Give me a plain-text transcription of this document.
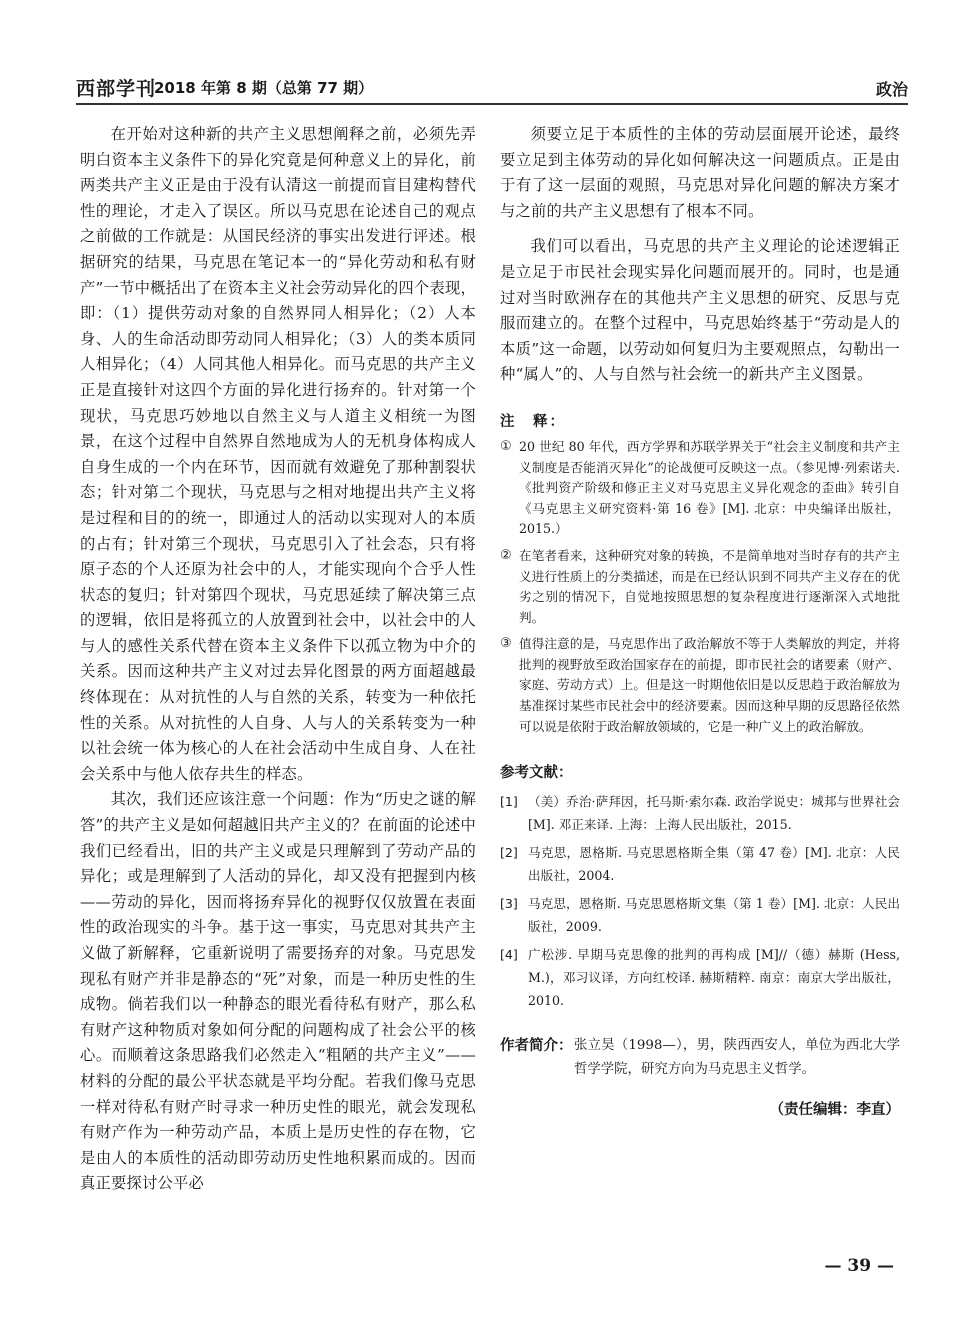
西部学刊
2018 年第 8 期（总第 77 期）	政治

在开始对这种新的共产主义思想阐释之前，必须先弄明白资本主义条件下的异化究竟是何种意义上的异化，前两类共产主义正是由于没有认清这一前提而盲目建构替代性的理论，才走入了误区。所以马克思在论述自己的观点之前做的工作就是：从国民经济的事实出发进行评述。根据研究的结果，马克思在笔记本一的“异化劳动和私有财产”一节中概括出了在资本主义社会劳动异化的四个表现，即：（1）提供劳动对象的自然界同人相异化；（2）人本身、人的生命活动即劳动同人相异化；（3）人的类本质同人相异化；（4）人同其他人相异化。而马克思的共产主义正是直接针对这四个方面的异化进行扬弃的。针对第一个现状，马克思巧妙地以自然主义与人道主义相统一为图景，在这个过程中自然界自然地成为人的无机身体构成人自身生成的一个内在环节，因而就有效避免了那种割裂状态；针对第二个现状，马克思与之相对地提出共产主义将是过程和目的的统一，即通过人的活动以实现对人的本质的占有；针对第三个现状，马克思引入了社会态，只有将原子态的个人还原为社会中的人，才能实现向个合乎人性状态的复归；针对第四个现状，马克思延续了解决第三点的逻辑，依旧是将孤立的人放置到社会中，以社会中的人与人的感性关系代替在资本主义条件下以孤立物为中介的关系。因而这种共产主义对过去异化图景的两方面超越最终体现在：从对抗性的人与自然的关系，转变为一种依托性的关系。从对抗性的人自身、人与人的关系转变为一种以社会统一体为核心的人在社会活动中生成自身、人在社会关系中与他人依存共生的样态。

其次，我们还应该注意一个问题：作为“历史之谜的解答”的共产主义是如何超越旧共产主义的？在前面的论述中我们已经看出，旧的共产主义或是只理解到了劳动产品的异化；或是理解到了人活动的异化，却又没有把握到内核——劳动的异化，因而将扬弃异化的视野仅仅放置在表面性的政治现实的斗争。基于这一事实，马克思对其共产主义做了新解释，它重新说明了需要扬弃的对象。马克思发现私有财产并非是静态的“死”对象，而是一种历史性的生成物。倘若我们以一种静态的眼光看待私有财产，那么私有财产这种物质对象如何分配的问题构成了社会公平的核心。而顺着这条思路我们必然走入“粗陋的共产主义”——材料的分配的最公平状态就是平均分配。若我们像马克思一样对待私有财产时寻求一种历史性的眼光，就会发现私有财产作为一种劳动产品，本质上是历史性的存在物，它是由人的本质性的活动即劳动历史性地积累而成的。因而真正要探讨公平必

须要立足于本质性的主体的劳动层面展开论述，最终要立足到主体劳动的异化如何解决这一问题质点。正是由于有了这一层面的观照，马克思对异化问题的解决方案才与之前的共产主义思想有了根本不同。

我们可以看出，马克思的共产主义理论的论述逻辑正是立足于市民社会现实异化问题而展开的。同时，也是通过对当时欧洲存在的其他共产主义思想的研究、反思与克服而建立的。在整个过程中，马克思始终基于“劳动是人的本质”这一命题，以劳动如何复归为主要观照点，勾勒出一种“属人”的、人与自然与社会统一的新共产主义图景。

注　释：
① 20 世纪 80 年代，西方学界和苏联学界关于“社会主义制度和共产主义制度是否能消灭异化”的论战便可反映这一点。（参见博·列索诺夫.《批判资产阶级和修正主义对马克思主义异化观念的歪曲》转引自《马克思主义研究资料·第 16 卷》[M]. 北京：中央编译出版社，2015.）
② 在笔者看来，这种研究对象的转换，不是简单地对当时存有的共产主义进行性质上的分类描述，而是在已经认识到不同共产主义存在的优劣之别的情况下，自觉地按照思想的复杂程度进行逐渐深入式地批判。
③ 值得注意的是，马克思作出了政治解放不等于人类解放的判定，并将批判的视野放至政治国家存在的前提，即市民社会的诸要素（财产、家庭、劳动方式）上。但是这一时期他依旧是以反思趋于政治解放为基准探讨某些市民社会中的经济要素。因而这种早期的反思路径依然可以说是依附于政治解放领域的，它是一种广义上的政治解放。
参考文献：
[1] （美）乔治·萨拜因，托马斯·索尔森. 政治学说史：城邦与世界社会 [M]. 邓正来译. 上海：上海人民出版社，2015.
[2] 马克思，恩格斯. 马克思恩格斯全集（第 47 卷）[M]. 北京：人民出版社，2004.
[3] 马克思，恩格斯. 马克思恩格斯文集（第 1 卷）[M]. 北京：人民出版社，2009.
[4] 广松涉. 早期马克思像的批判的再构成 [M]//（德）赫斯 (Hess, M.)，邓习议译，方向红校译. 赫斯精粹. 南京：南京大学出版社，2010.
作者简介： 张立昊（1998—），男，陕西西安人，单位为西北大学哲学学院，研究方向为马克思主义哲学。
（责任编辑：李直）
— 39 —
